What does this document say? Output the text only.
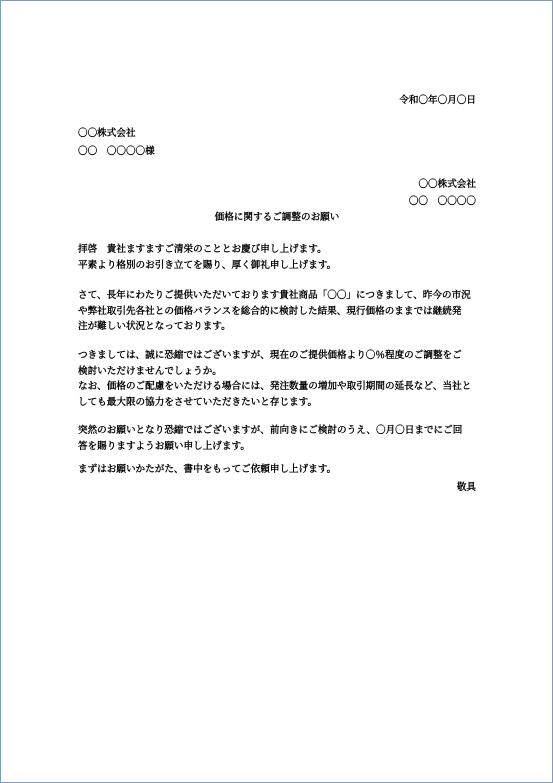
令和〇年〇月〇日
〇〇株式会社
〇〇　〇〇〇〇様
〇〇株式会社
〇〇　〇〇〇〇
価格に関するご調整のお願い
拝啓　貴社ますますご清栄のこととお慶び申し上げます。
平素より格別のお引き立てを賜り、厚く御礼申し上げます。
さて、長年にわたりご提供いただいております貴社商品「〇〇」につきまして、昨今の市況
や弊社取引先各社との価格バランスを総合的に検討した結果、現行価格のままでは継続発
注が難しい状況となっております。
つきましては、誠に恐縮ではございますが、現在のご提供価格より〇％程度のご調整をご
検討いただけませんでしょうか。
なお、価格のご配慮をいただける場合には、発注数量の増加や取引期間の延長など、当社と
しても最大限の協力をさせていただきたいと存じます。
突然のお願いとなり恐縮ではございますが、前向きにご検討のうえ、〇月〇日までにご回
答を賜りますようお願い申し上げます。
まずはお願いかたがた、書中をもってご依頼申し上げます。
敬具
